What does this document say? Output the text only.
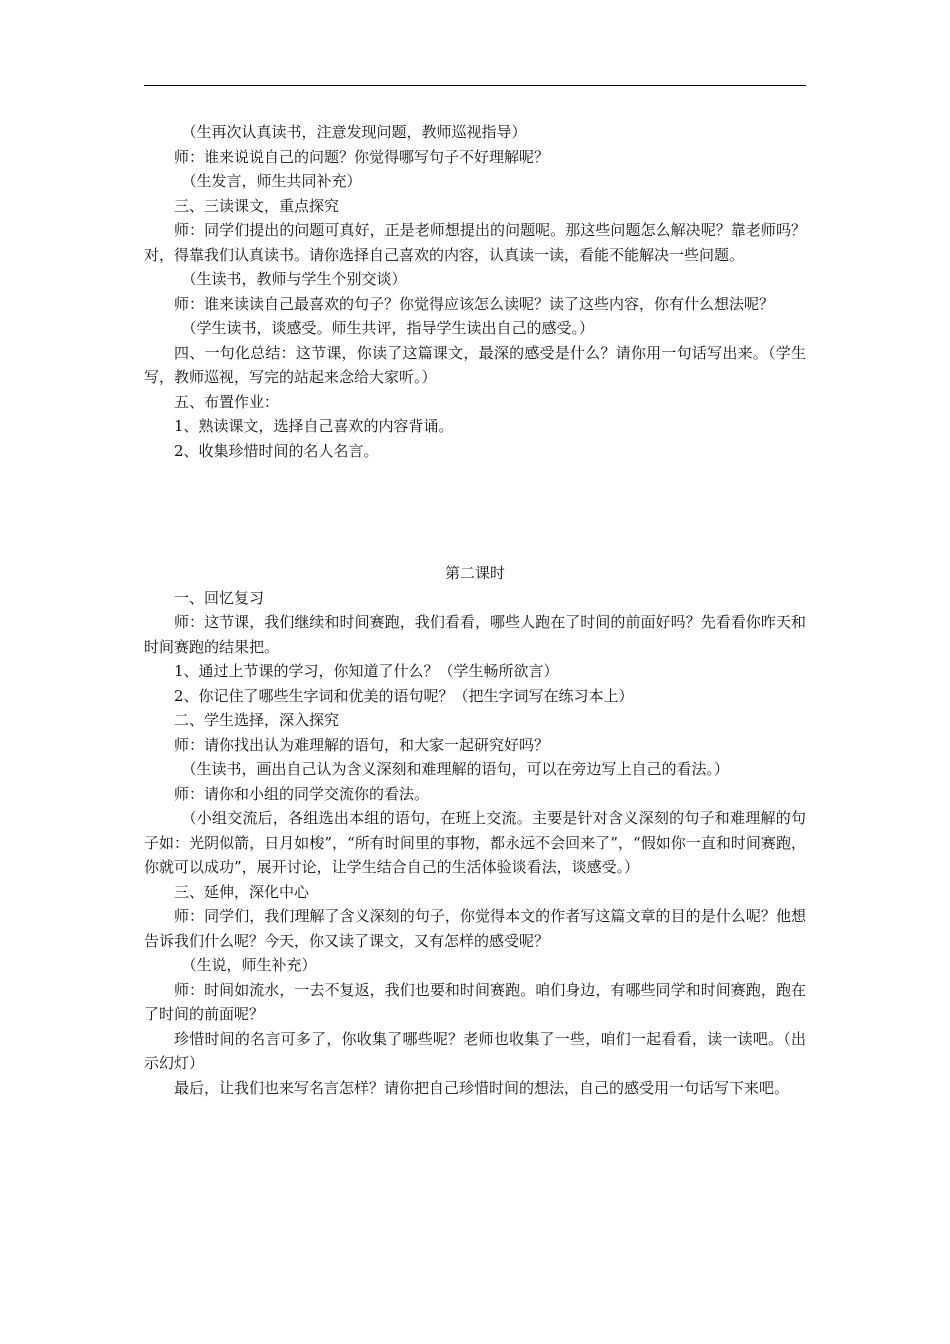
（生再次认真读书，注意发现问题，教师巡视指导）

师：谁来说说自己的问题？你觉得哪写句子不好理解呢？

（生发言，师生共同补充）

三、三读课文，重点探究

师：同学们提出的问题可真好，正是老师想提出的问题呢。那这些问题怎么解决呢？靠老师吗？对，得靠我们认真读书。请你选择自己喜欢的内容，认真读一读，看能不能解决一些问题。

（生读书，教师与学生个别交谈）

师：谁来读读自己最喜欢的句子？你觉得应该怎么读呢？读了这些内容，你有什么想法呢？

（学生读书，谈感受。师生共评，指导学生读出自己的感受。）

四、一句化总结：这节课，你读了这篇课文，最深的感受是什么？请你用一句话写出来。（学生写，教师巡视，写完的站起来念给大家听。）

五、布置作业：

1、熟读课文，选择自己喜欢的内容背诵。

2、收集珍惜时间的名人名言。

第二课时

一、回忆复习

师：这节课，我们继续和时间赛跑，我们看看，哪些人跑在了时间的前面好吗？先看看你昨天和时间赛跑的结果把。

1、通过上节课的学习，你知道了什么？（学生畅所欲言）

2、你记住了哪些生字词和优美的语句呢？（把生字词写在练习本上）

二、学生选择，深入探究

师：请你找出认为难理解的语句，和大家一起研究好吗？

（生读书，画出自己认为含义深刻和难理解的语句，可以在旁边写上自己的看法。）

师：请你和小组的同学交流你的看法。

（小组交流后，各组选出本组的语句，在班上交流。主要是针对含义深刻的句子和难理解的句子如：光阴似箭，日月如梭”，“所有时间里的事物，都永远不会回来了”，“假如你一直和时间赛跑，你就可以成功”，展开讨论，让学生结合自己的生活体验谈看法，谈感受。）

三、延伸，深化中心

师：同学们，我们理解了含义深刻的句子，你觉得本文的作者写这篇文章的目的是什么呢？他想告诉我们什么呢？今天，你又读了课文，又有怎样的感受呢？

（生说，师生补充）

师：时间如流水，一去不复返，我们也要和时间赛跑。咱们身边，有哪些同学和时间赛跑，跑在了时间的前面呢？

珍惜时间的名言可多了，你收集了哪些呢？老师也收集了一些，咱们一起看看，读一读吧。（出示幻灯）

最后，让我们也来写名言怎样？请你把自己珍惜时间的想法，自己的感受用一句话写下来吧。
